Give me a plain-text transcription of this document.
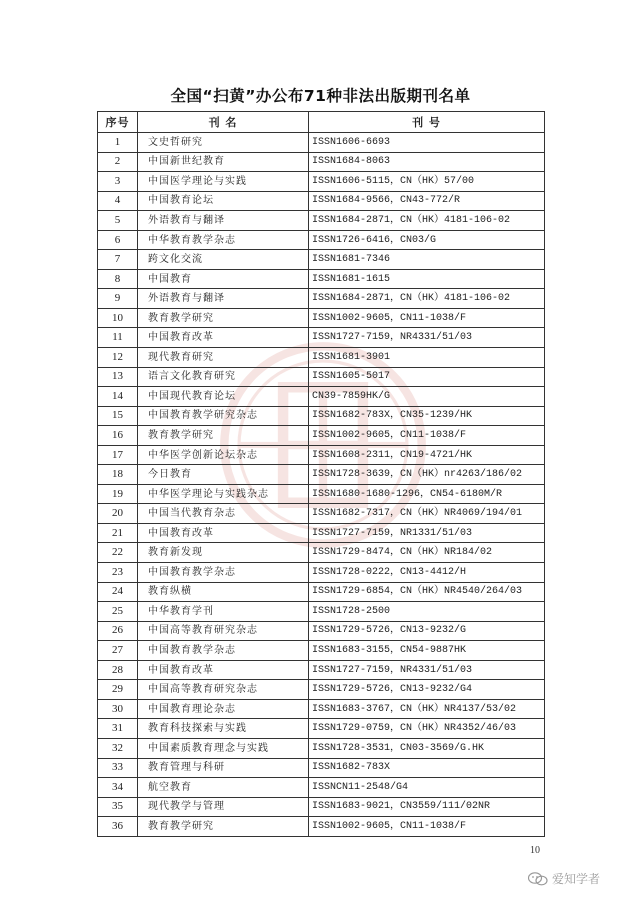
全国“扫黄”办公布71种非法出版期刊名单
序号	刊 名	刊 号
1	文史哲研究	ISSN1606-6693
2	中国新世纪教育	ISSN1684-8063
3	中国医学理论与实践	ISSN1606-5115，CN（HK）57/00
4	中国教育论坛	ISSN1684-9566，CN43-772/R
5	外语教育与翻译	ISSN1684-2871，CN（HK）4181-106-02
6	中华教育教学杂志	ISSN1726-6416，CN03/G
7	跨文化交流	ISSN1681-7346
8	中国教育	ISSN1681-1615
9	外语教育与翻译	ISSN1684-2871，CN（HK）4181-106-02
10	教育教学研究	ISSN1002-9605，CN11-1038/F
11	中国教育改革	ISSN1727-7159，NR4331/51/03
12	现代教育研究	ISSN1681-3901
13	语言文化教育研究	ISSN1605-5017
14	中国现代教育论坛	CN39-7859HK/G
15	中国教育教学研究杂志	ISSN1682-783X，CN35-1239/HK
16	教育教学研究	ISSN1002-9605，CN11-1038/F
17	中华医学创新论坛杂志	ISSN1608-2311，CN19-4721/HK
18	今日教育	ISSN1728-3639，CN（HK）nr4263/186/02
19	中华医学理论与实践杂志	ISSN1680-1680-1296，CN54-6180M/R
20	中国当代教育杂志	ISSN1682-7317，CN（HK）NR4069/194/01
21	中国教育改革	ISSN1727-7159，NR1331/51/03
22	教育新发现	ISSN1729-8474，CN（HK）NR184/02
23	中国教育教学杂志	ISSN1728-0222，CN13-4412/H
24	教育纵横	ISSN1729-6854，CN（HK）NR4540/264/03
25	中华教育学刊	ISSN1728-2500
26	中国高等教育研究杂志	ISSN1729-5726，CN13-9232/G
27	中国教育教学杂志	ISSN1683-3155，CN54-9887HK
28	中国教育改革	ISSN1727-7159，NR4331/51/03
29	中国高等教育研究杂志	ISSN1729-5726，CN13-9232/G4
30	中国教育理论杂志	ISSN1683-3767，CN（HK）NR4137/53/02
31	教育科技探索与实践	ISSN1729-0759，CN（HK）NR4352/46/03
32	中国素质教育理念与实践	ISSN1728-3531，CN03-3569/G.HK
33	教育管理与科研	ISSN1682-783X
34	航空教育	ISSNCN11-2548/G4
35	现代教学与管理	ISSN1683-9021，CN3559/111/02NR
36	教育教学研究	ISSN1002-9605，CN11-1038/F
10
爱知学者
